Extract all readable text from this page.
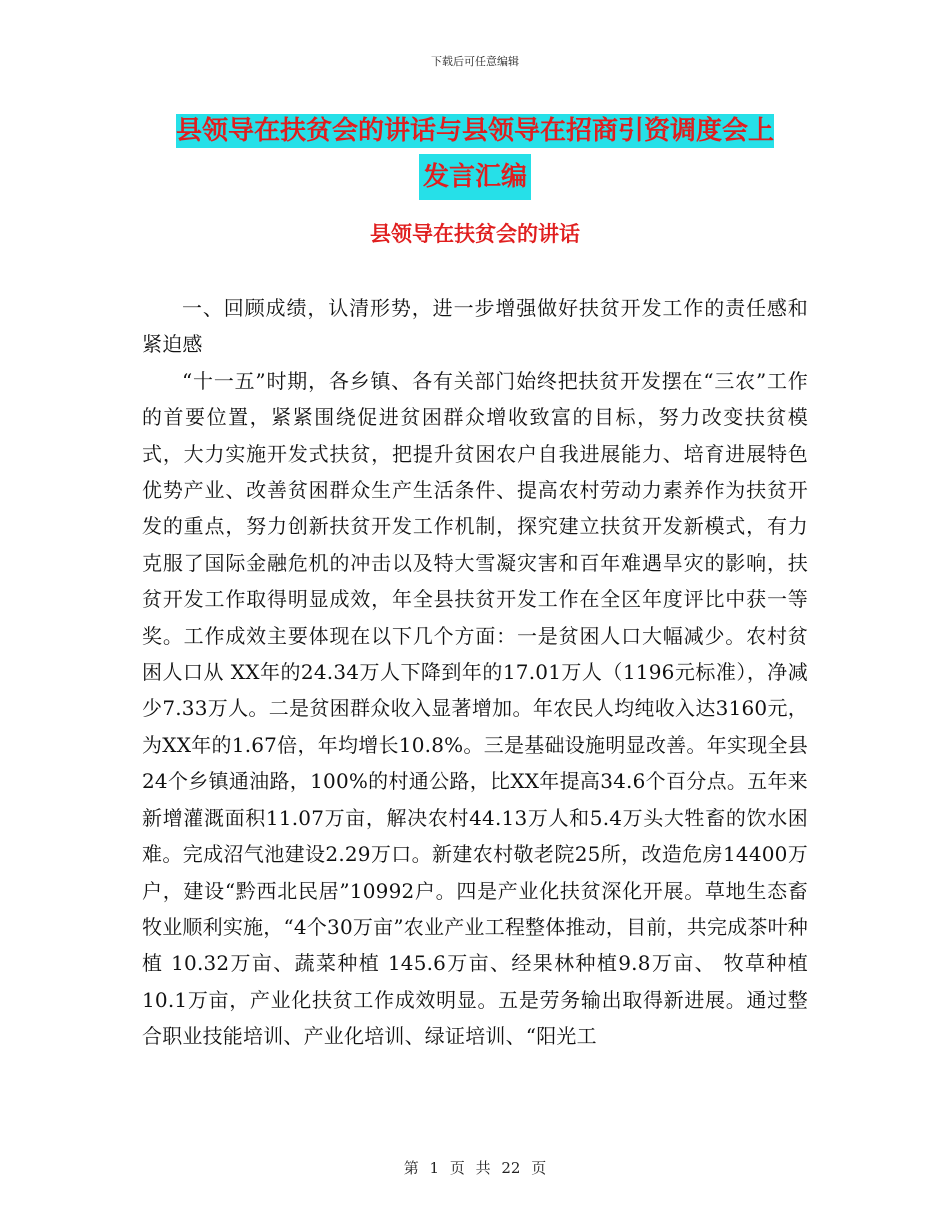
下载后可任意编辑
县领导在扶贫会的讲话与县领导在招商引资调度会上
发言汇编
县领导在扶贫会的讲话

一、回顾成绩，认清形势，进一步增强做好扶贫开发工作的责任感和紧迫感

“十一五”时期，各乡镇、各有关部门始终把扶贫开发摆在“三农”工作的首要位置，紧紧围绕促进贫困群众增收致富的目标，努力改变扶贫模式，大力实施开发式扶贫，把提升贫困农户自我进展能力、培育进展特色优势产业、改善贫困群众生产生活条件、提高农村劳动力素养作为扶贫开发的重点，努力创新扶贫开发工作机制，探究建立扶贫开发新模式，有力克服了国际金融危机的冲击以及特大雪凝灾害和百年难遇旱灾的影响，扶贫开发工作取得明显成效，年全县扶贫开发工作在全区年度评比中获一等奖。工作成效主要体现在以下几个方面：一是贫困人口大幅减少。农村贫困人口从 XX年的24.34万人下降到年的17.01万人（1196元标准），净减少7.33万人。二是贫困群众收入显著增加。年农民人均纯收入达3160元，为XX年的1.67倍，年均增长10.8%。三是基础设施明显改善。年实现全县24个乡镇通油路，100%的村通公路，比XX年提高34.6个百分点。五年来新增灌溉面积11.07万亩，解决农村44.13万人和5.4万头大牲畜的饮水困难。完成沼气池建设2.29万口。新建农村敬老院25所，改造危房14400万户，建设“黔西北民居”10992户。四是产业化扶贫深化开展。草地生态畜牧业顺利实施，“4个30万亩”农业产业工程整体推动，目前，共完成茶叶种植 10.32万亩、蔬菜种植 145.6万亩、经果林种植9.8万亩、 牧草种植10.1万亩，产业化扶贫工作成效明显。五是劳务输出取得新进展。通过整合职业技能培训、产业化培训、绿证培训、“阳光工

第 1 页 共 22 页
